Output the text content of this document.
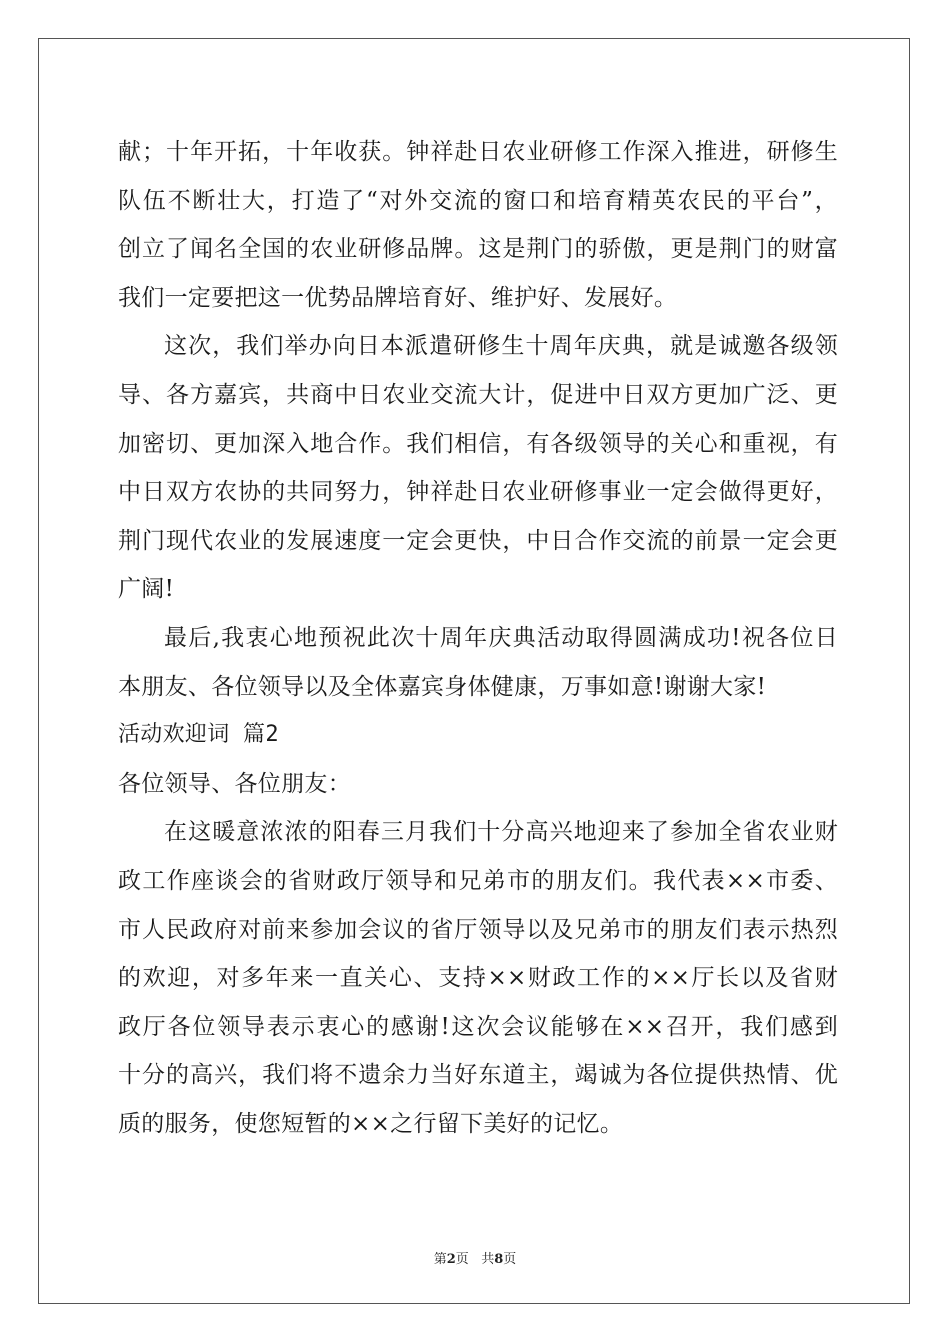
献；十年开拓，十年收获。钟祥赴日农业研修工作深入推进，研修生
队伍不断壮大，打造了“对外交流的窗口和培育精英农民的平台”，
创立了闻名全国的农业研修品牌。这是荆门的骄傲，更是荆门的财富
我们一定要把这一优势品牌培育好、维护好、发展好。
这次，我们举办向日本派遣研修生十周年庆典，就是诚邀各级领
导、各方嘉宾，共商中日农业交流大计，促进中日双方更加广泛、更
加密切、更加深入地合作。我们相信，有各级领导的关心和重视，有
中日双方农协的共同努力，钟祥赴日农业研修事业一定会做得更好，
荆门现代农业的发展速度一定会更快，中日合作交流的前景一定会更
广阔!
最后,我衷心地预祝此次十周年庆典活动取得圆满成功!祝各位日
本朋友、各位领导以及全体嘉宾身体健康，万事如意!谢谢大家!
活动欢迎词 篇2
各位领导、各位朋友：
在这暖意浓浓的阳春三月我们十分高兴地迎来了参加全省农业财
政工作座谈会的省财政厅领导和兄弟市的朋友们。我代表××市委、
市人民政府对前来参加会议的省厅领导以及兄弟市的朋友们表示热烈
的欢迎，对多年来一直关心、支持××财政工作的××厅长以及省财
政厅各位领导表示衷心的感谢!这次会议能够在××召开，我们感到
十分的高兴，我们将不遗余力当好东道主，竭诚为各位提供热情、优
质的服务，使您短暂的××之行留下美好的记忆。
第2页 共8页
